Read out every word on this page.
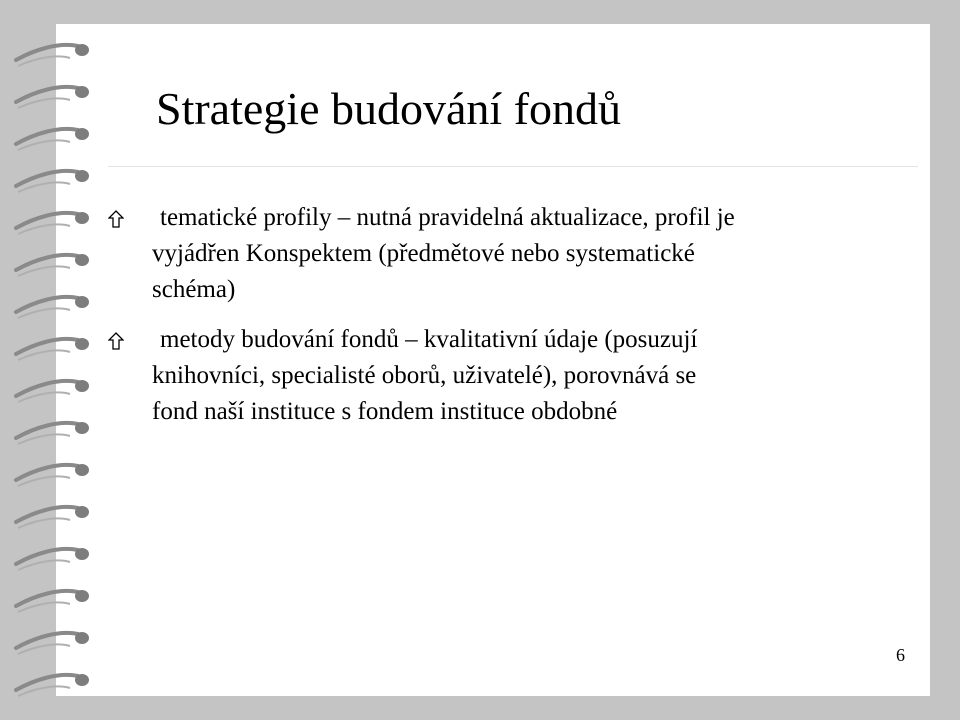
Strategie budování fondů
tematické profily – nutná pravidelná aktualizace, profil je
vyjádřen Konspektem (předmětové nebo systematické
schéma)
metody budování fondů – kvalitativní údaje (posuzují
knihovníci, specialisté oborů, uživatelé), porovnává se
fond naší instituce s fondem instituce obdobné
6
